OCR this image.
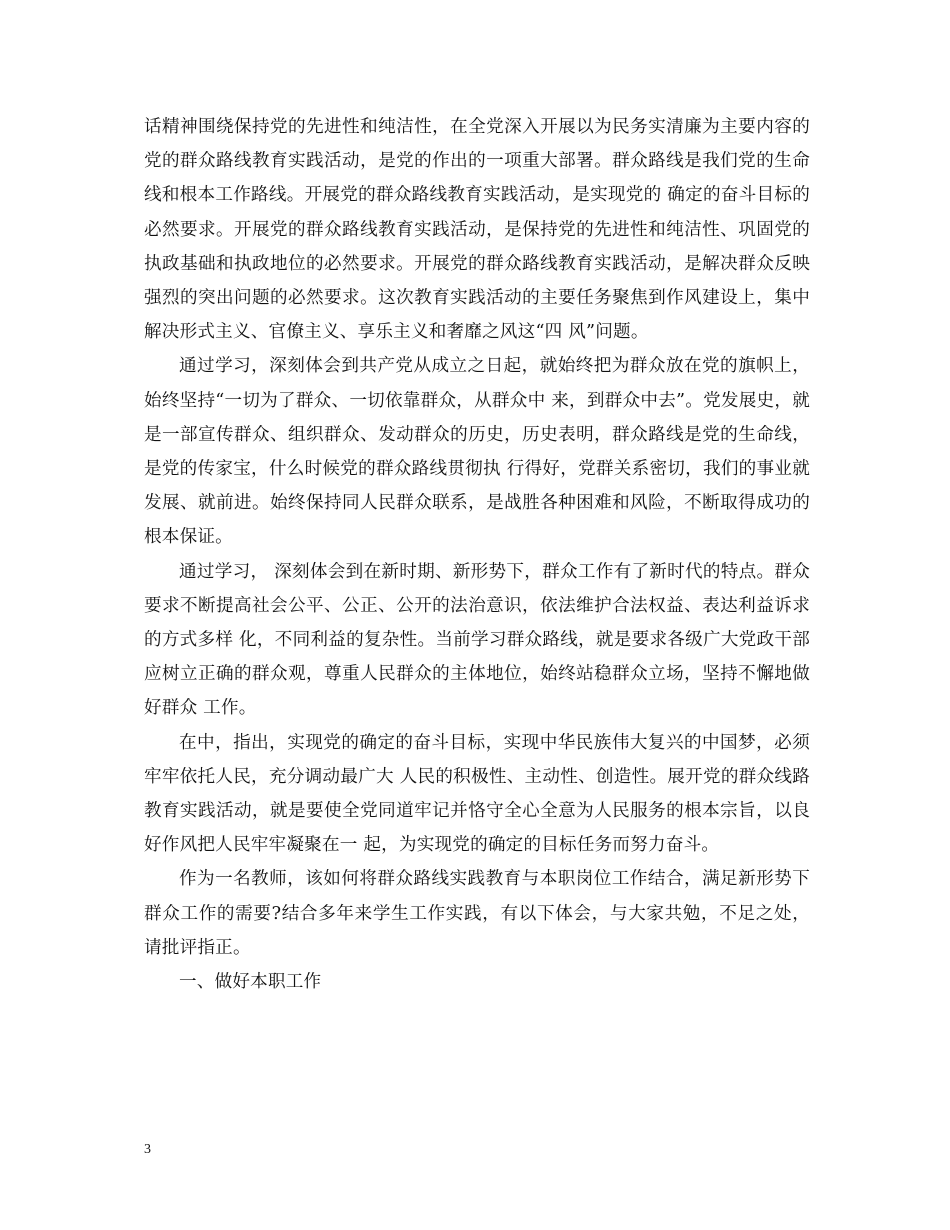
话精神围绕保持党的先进性和纯洁性，在全党深入开展以为民务实清廉为主要内容的 党的群众路线教育实践活动，是党的作出的一项重大部署。群众路线是我们党的生命线和根本工作路线。开展党的群众路线教育实践活动，是实现党的 确定的奋斗目标的必然要求。开展党的群众路线教育实践活动，是保持党的先进性和纯洁性、巩固党的执政基础和执政地位的必然要求。开展党的群众路线教育实践活动，是解决群众反映强烈的突出问题的必然要求。这次教育实践活动的主要任务聚焦到作风建设上，集中解决形式主义、官僚主义、享乐主义和奢靡之风这“四 风”问题。

通过学习，深刻体会到共产党从成立之日起，就始终把为群众放在党的旗帜上，始终坚持“一切为了群众、一切依靠群众，从群众中 来，到群众中去”。党发展史，就是一部宣传群众、组织群众、发动群众的历史，历史表明，群众路线是党的生命线，是党的传家宝，什么时候党的群众路线贯彻执 行得好，党群关系密切，我们的事业就发展、就前进。始终保持同人民群众联系，是战胜各种困难和风险，不断取得成功的根本保证。

通过学习， 深刻体会到在新时期、新形势下，群众工作有了新时代的特点。群众要求不断提高社会公平、公正、公开的法治意识，依法维护合法权益、表达利益诉求的方式多样 化，不同利益的复杂性。当前学习群众路线，就是要求各级广大党政干部应树立正确的群众观，尊重人民群众的主体地位，始终站稳群众立场，坚持不懈地做好群众 工作。

在中，指出，实现党的确定的奋斗目标，实现中华民族伟大复兴的中国梦，必须牢牢依托人民，充分调动最广大 人民的积极性、主动性、创造性。展开党的群众线路教育实践活动，就是要使全党同道牢记并恪守全心全意为人民服务的根本宗旨，以良好作风把人民牢牢凝聚在一 起，为实现党的确定的目标任务而努力奋斗。

作为一名教师，该如何将群众路线实践教育与本职岗位工作结合，满足新形势下群众工作的需要?结合多年来学生工作实践，有以下体会，与大家共勉，不足之处，请批评指正。

一、做好本职工作

3
